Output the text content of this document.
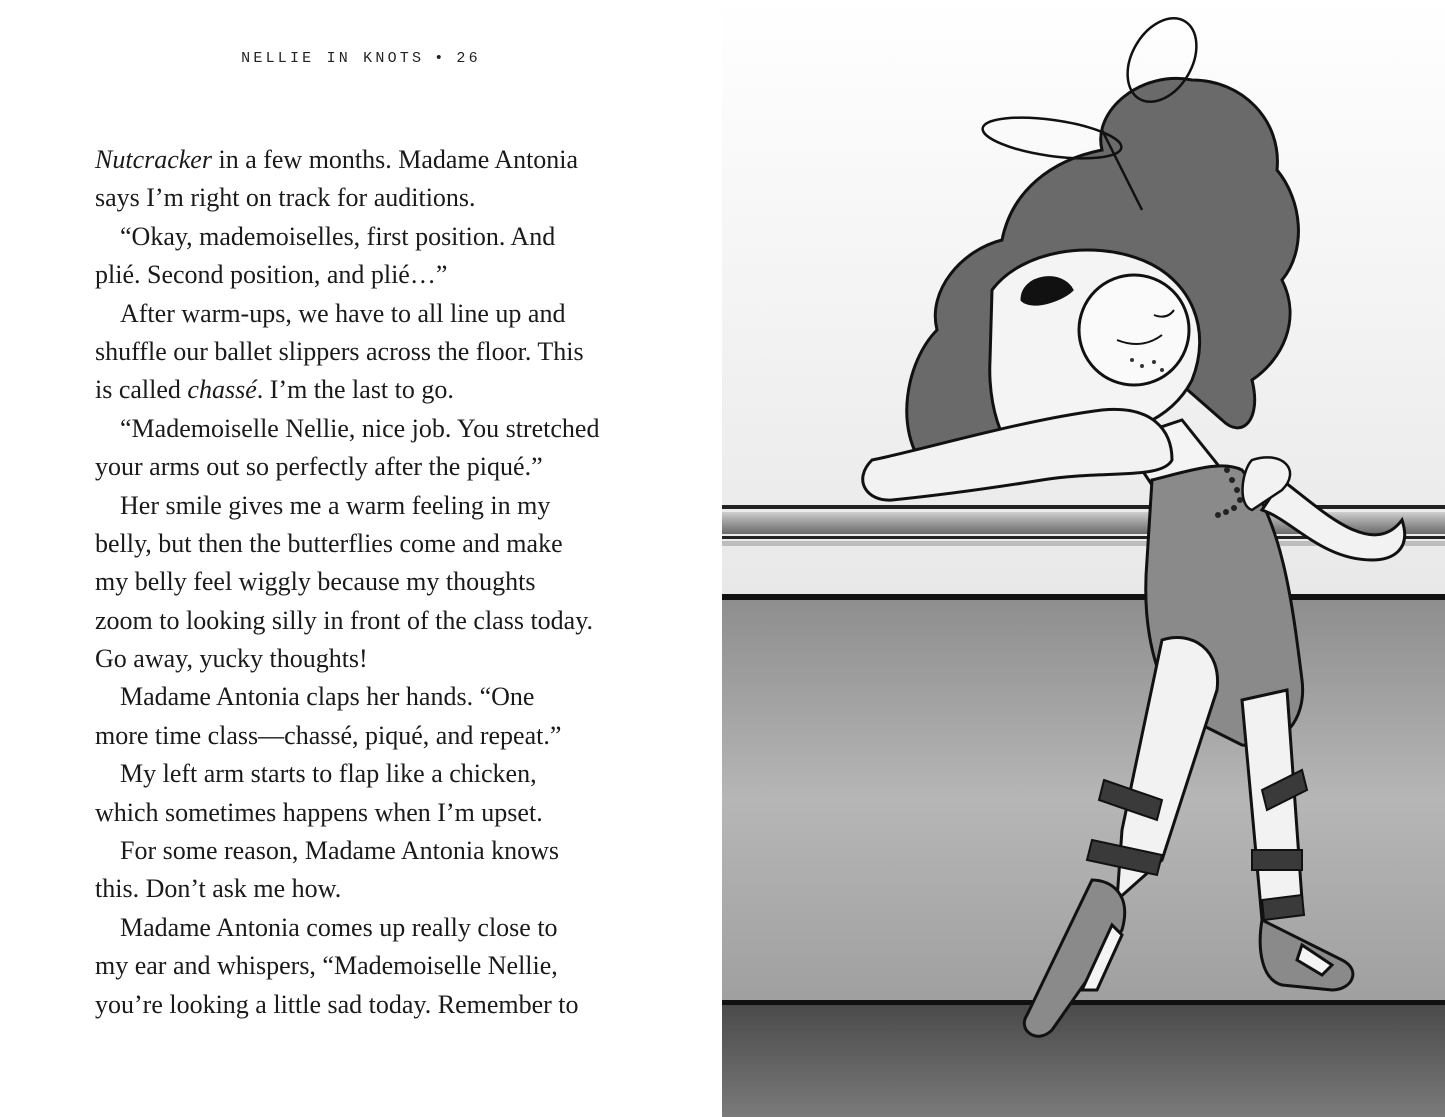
NELLIE IN KNOTS • 26
Nutcracker in a few months. Madame Antonia
says I’m right on track for auditions.
“Okay, mademoiselles, first position. And
plié. Second position, and plié…”
After warm-ups, we have to all line up and
shuffle our ballet slippers across the floor. This
is called chassé. I’m the last to go.
“Mademoiselle Nellie, nice job. You stretched
your arms out so perfectly after the piqué.”
Her smile gives me a warm feeling in my
belly, but then the butterflies come and make
my belly feel wiggly because my thoughts
zoom to looking silly in front of the class today.
Go away, yucky thoughts!
Madame Antonia claps her hands. “One
more time class—chassé, piqué, and repeat.”
My left arm starts to flap like a chicken,
which sometimes happens when I’m upset.
For some reason, Madame Antonia knows
this. Don’t ask me how.
Madame Antonia comes up really close to
my ear and whispers, “Mademoiselle Nellie,
you’re looking a little sad today. Remember to
